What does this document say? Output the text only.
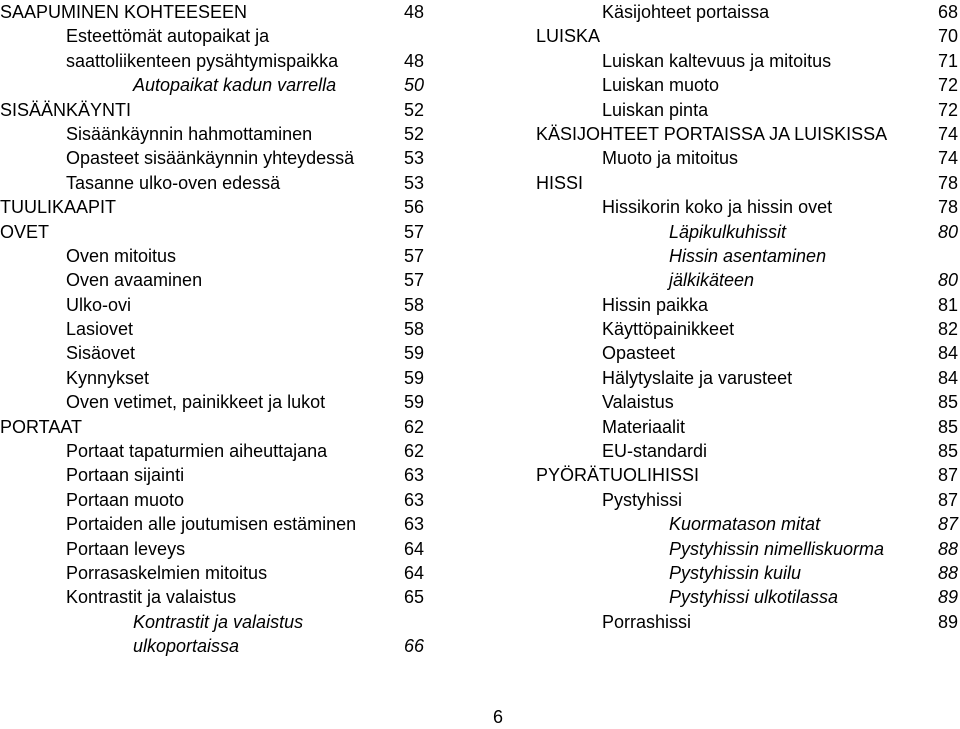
SAAPUMINEN KOHTEESEEN	48
Esteettömät autopaikat ja
saattoliikenteen pysähtymispaikka	48
Autopaikat kadun varrella	50
SISÄÄNKÄYNTI	52
Sisäänkäynnin hahmottaminen	52
Opasteet sisäänkäynnin yhteydessä	53
Tasanne ulko-oven edessä	53
TUULIKAAPIT	56
OVET	57
Oven mitoitus	57
Oven avaaminen	57
Ulko-ovi	58
Lasiovet	58
Sisäovet	59
Kynnykset	59
Oven vetimet, painikkeet ja lukot	59
PORTAAT	62
Portaat tapaturmien aiheuttajana	62
Portaan sijainti	63
Portaan muoto	63
Portaiden alle joutumisen estäminen	63
Portaan leveys	64
Porrasaskelmien mitoitus	64
Kontrastit ja valaistus	65
Kontrastit ja valaistus
ulkoportaissa	66
Käsijohteet portaissa	68
LUISKA	70
Luiskan kaltevuus ja mitoitus	71
Luiskan muoto	72
Luiskan pinta	72
KÄSIJOHTEET PORTAISSA JA LUISKISSA	74
Muoto ja mitoitus	74
HISSI	78
Hissikorin koko ja hissin ovet	78
Läpikulkuhissit	80
Hissin asentaminen
jälkikäteen	80
Hissin paikka	81
Käyttöpainikkeet	82
Opasteet	84
Hälytyslaite ja varusteet	84
Valaistus	85
Materiaalit	85
EU-standardi	85
PYÖRÄTUOLIHISSI	87
Pystyhissi	87
Kuormatason mitat	87
Pystyhissin nimelliskuorma	88
Pystyhissin kuilu	88
Pystyhissi ulkotilassa	89
Porrashissi	89
6
